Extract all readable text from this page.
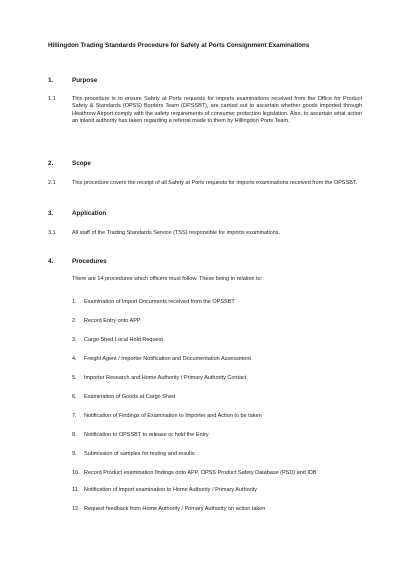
Hillingdon Trading Standards Procedure for Safety at Ports Consignment Examinations
1.	Purpose
1.1	This procedure is to ensure Safety at Ports requests for imports examinations received from the Office for Product Safety & Standards (OPSS) Borders Team (OPSSBT), are carried out to ascertain whether goods imported through Heathrow Airport comply with the safety requirements of consumer protection legislation. Also, to ascertain what action an inland authority has taken regarding a referral made to them by Hillingdon Ports Team.
2.	Scope
2.1	This procedure covers the receipt of all Safety at Ports requests for imports examinations received from the OPSSBT.
3.	Application
3.1	All staff of the Trading Standards Service (TSS) responsible for imports examinations.
4.	Procedures
There are 14 procedures which officers must follow. These being in relation to:
1. Examination of Import Documents received from the OPSSBT
2. Record Entry onto APP
3. Cargo Shed Local Hold Request
4. Freight Agent / Importer Notification and Documentation Assessment
5. Importer Research and Home Authority / Primary Authority Contact
6. Examination of Goods at Cargo Shed
7. Notification of Findings of Examination to Importer and Action to be taken
8. Notification to OPSSBT to release or hold the Entry
9. Submission of samples for testing and results
10. Record Product examination findings onto APP, OPSS Product Safety Database (PSD) and IDB
11. Notification of import examination to Home Authority / Primary Authority
12. Request feedback from Home Authority / Primary Authority on action taken
